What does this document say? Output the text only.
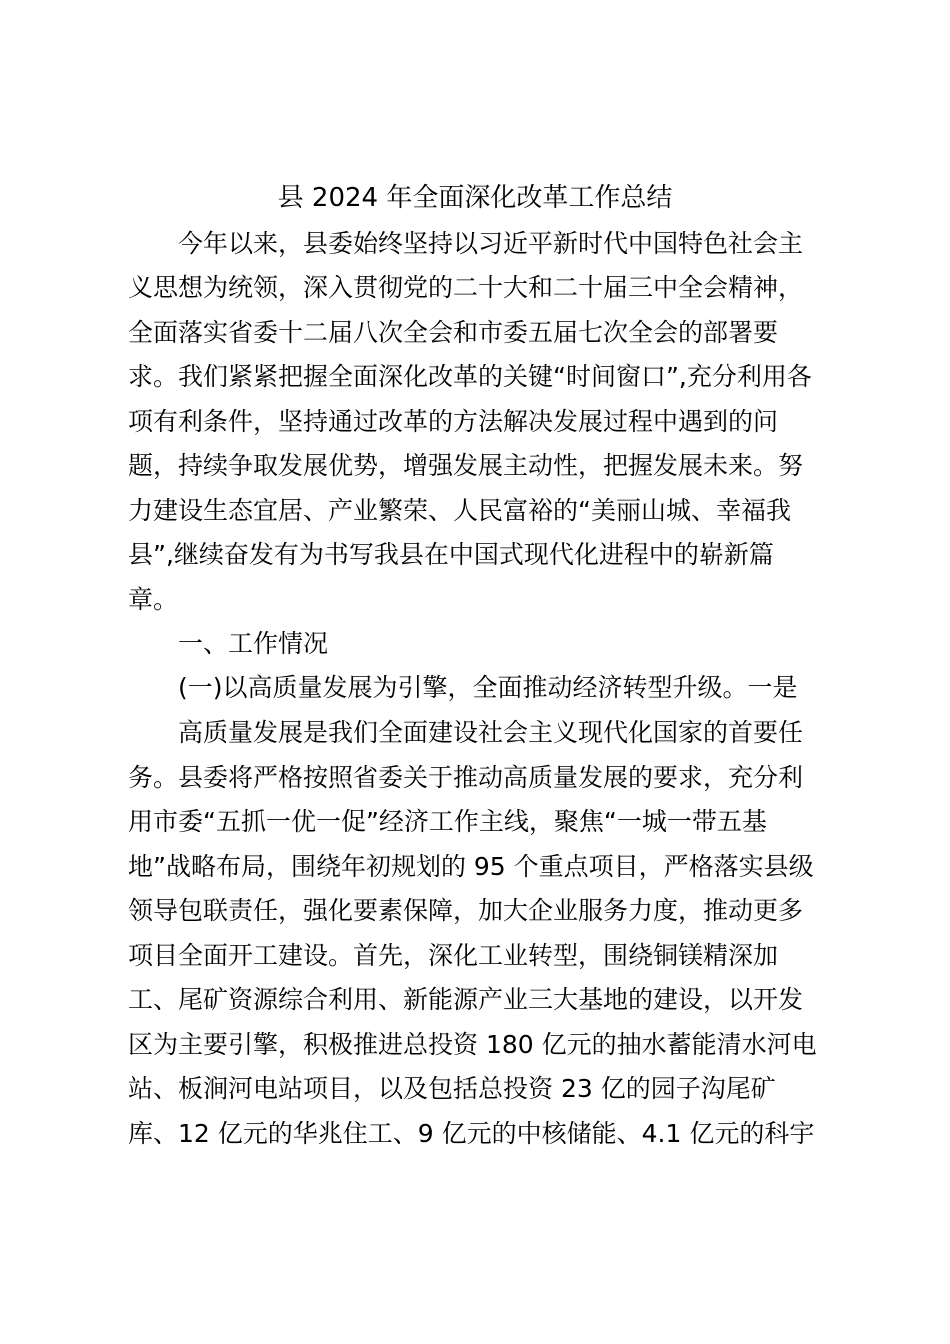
县 2024 年全面深化改革工作总结
今年以来，县委始终坚持以习近平新时代中国特色社会主
义思想为统领，深入贯彻党的二十大和二十届三中全会精神，
全面落实省委十二届八次全会和市委五届七次全会的部署要
求。我们紧紧把握全面深化改革的关键“时间窗口”,充分利用各
项有利条件，坚持通过改革的方法解决发展过程中遇到的问
题，持续争取发展优势，增强发展主动性，把握发展未来。努
力建设生态宜居、产业繁荣、人民富裕的“美丽山城、幸福我
县”,继续奋发有为书写我县在中国式现代化进程中的崭新篇
章。
一、工作情况
(一)以高质量发展为引擎，全面推动经济转型升级。一是
高质量发展是我们全面建设社会主义现代化国家的首要任
务。县委将严格按照省委关于推动高质量发展的要求，充分利
用市委“五抓一优一促”经济工作主线，聚焦“一城一带五基
地”战略布局，围绕年初规划的 95 个重点项目，严格落实县级
领导包联责任，强化要素保障，加大企业服务力度，推动更多
项目全面开工建设。首先，深化工业转型，围绕铜镁精深加
工、尾矿资源综合利用、新能源产业三大基地的建设，以开发
区为主要引擎，积极推进总投资 180 亿元的抽水蓄能清水河电
站、板涧河电站项目，以及包括总投资 23 亿的园子沟尾矿
库、12 亿元的华兆住工、9 亿元的中核储能、4.1 亿元的科宇
